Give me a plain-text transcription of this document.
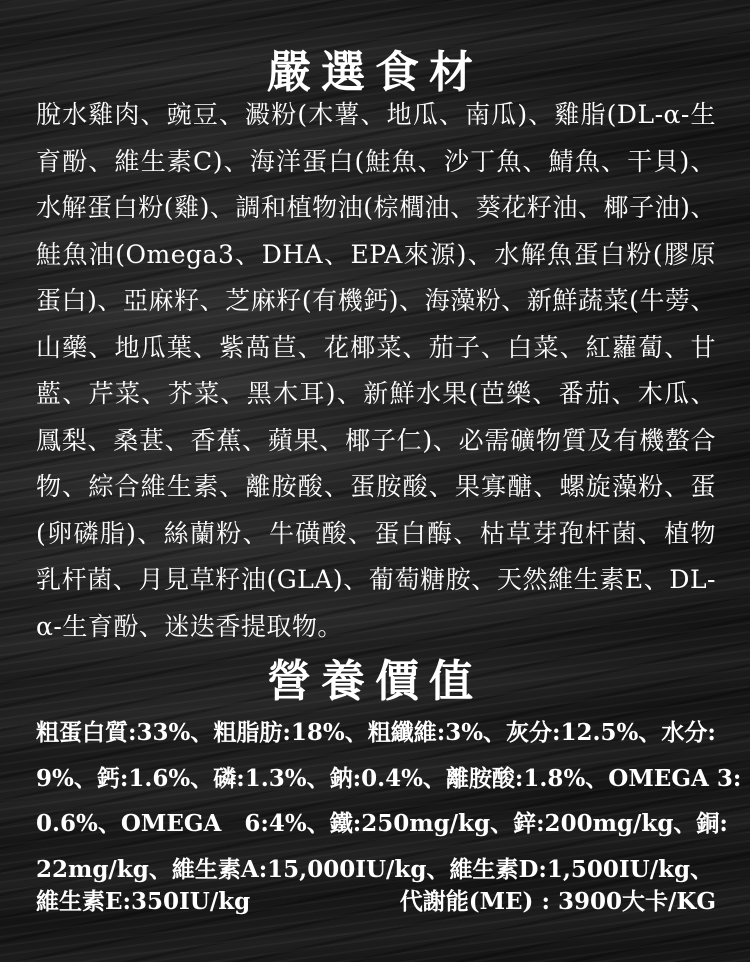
嚴選食材

脫水雞肉、豌豆、澱粉(木薯、地瓜、南瓜)、雞脂(DL-α-生育酚、維生素C)、海洋蛋白(鮭魚、沙丁魚、鯖魚、干貝)、水解蛋白粉(雞)、調和植物油(棕櫚油、葵花籽油、椰子油)、鮭魚油(Omega3、DHA、EPA來源)、水解魚蛋白粉(膠原蛋白)、亞麻籽、芝麻籽(有機鈣)、海藻粉、新鮮蔬菜(牛蒡、山藥、地瓜葉、紫萵苣、花椰菜、茄子、白菜、紅蘿蔔、甘藍、芹菜、芥菜、黑木耳)、新鮮水果(芭樂、番茄、木瓜、鳳梨、桑葚、香蕉、蘋果、椰子仁)、必需礦物質及有機螯合物、綜合維生素、離胺酸、蛋胺酸、果寡醣、螺旋藻粉、蛋(卵磷脂)、絲蘭粉、牛磺酸、蛋白酶、枯草芽孢杆菌、植物乳杆菌、月見草籽油(GLA)、葡萄糖胺、天然維生素E、DL-α-生育酚、迷迭香提取物。

營養價值
粗蛋白質:33%、粗脂肪:18%、粗纖維:3%、灰分:12.5%、水分:
9%、鈣:1.6%、磷:1.3%、鈉:0.4%、離胺酸:1.8%、OMEGA 3:
0.6%、OMEGA　6:4%、鐵:250mg/kg、鋅:200mg/kg、銅:
22mg/kg、維生素A:15,000IU/kg、維生素D:1,500IU/kg、
維生素E:350IU/kg	代謝能(ME) : 3900大卡/KG
